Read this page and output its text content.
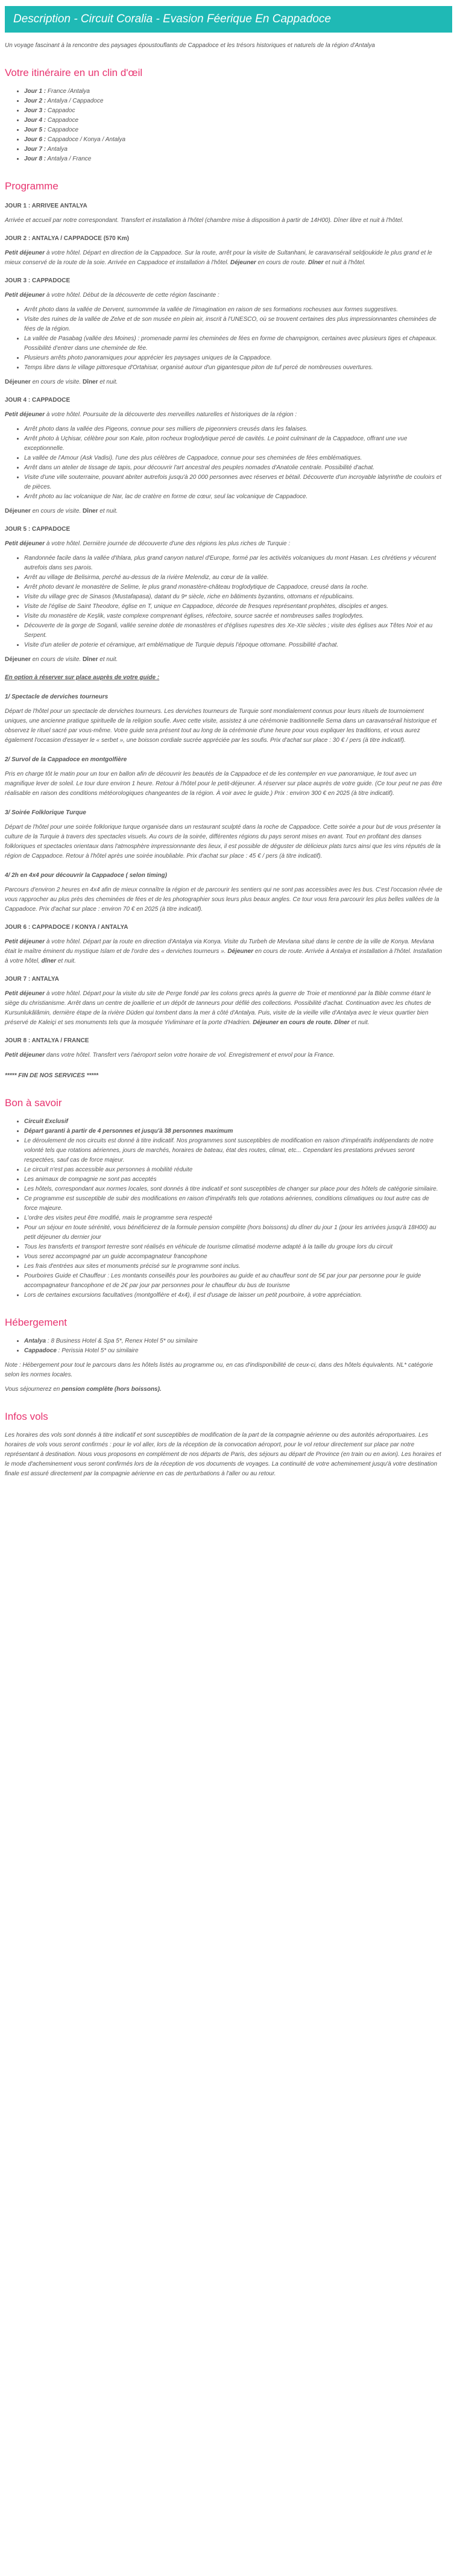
Description - Circuit Coralia - Evasion Féerique En Cappadoce

Un voyage fascinant à la rencontre des paysages époustouflants de Cappadoce et les trésors historiques et naturels de la région d'Antalya

Votre itinéraire en un clin d'œil
• Jour 1 : France /Antalya
• Jour 2 : Antalya / Cappadoce
• Jour 3 : Cappadoc
• Jour 4 : Cappadoce
• Jour 5 : Cappadoce
• Jour 6 : Cappadoce / Konya / Antalya
• Jour 7 : Antalya
• Jour 8 : Antalya / France
Programme

JOUR 1 : ARRIVEE ANTALYA

Arrivée et accueil par notre correspondant. Transfert et installation à l'hôtel (chambre mise à disposition à partir de 14H00). Dîner libre et nuit à l'hôtel.

JOUR 2 : ANTALYA / CAPPADOCE (570 Km)

Petit déjeuner à votre hôtel. Départ en direction de la Cappadoce. Sur la route, arrêt pour la visite de Sultanhani, le caravansérail seldjoukide le plus grand et le mieux conservé de la route de la soie. Arrivée en Cappadoce et installation à l'hôtel. Déjeuner en cours de route. Dîner et nuit à l'hôtel.

JOUR 3 : CAPPADOCE

Petit déjeuner à votre hôtel. Début de la découverte de cette région fascinante :

• Arrêt photo dans la vallée de Dervent, surnommée la vallée de l'imagination en raison de ses formations rocheuses aux formes suggestives.
• Visite des ruines de la vallée de Zelve et de son musée en plein air, inscrit à l'UNESCO, où se trouvent certaines des plus impressionnantes cheminées de fées de la région.
• La vallée de Pasabag (vallée des Moines) : promenade parmi les cheminées de fées en forme de champignon, certaines avec plusieurs tiges et chapeaux. Possibilité d'entrer dans une cheminée de fée.
• Plusieurs arrêts photo panoramiques pour apprécier les paysages uniques de la Cappadoce.
• Temps libre dans le village pittoresque d'Ortahisar, organisé autour d'un gigantesque piton de tuf percé de nombreuses ouvertures.

Déjeuner en cours de visite. Dîner et nuit.

JOUR 4 : CAPPADOCE

Petit déjeuner à votre hôtel. Poursuite de la découverte des merveilles naturelles et historiques de la région :

• Arrêt photo dans la vallée des Pigeons, connue pour ses milliers de pigeonniers creusés dans les falaises.
• Arrêt photo à Uçhisar, célèbre pour son Kale, piton rocheux troglodytique percé de cavités. Le point culminant de la Cappadoce, offrant une vue exceptionnelle.
• La vallée de l'Amour (Ask Vadisi). l'une des plus célèbres de Cappadoce, connue pour ses cheminées de fées emblématiques.
• Arrêt dans un atelier de tissage de tapis, pour découvrir l'art ancestral des peuples nomades d'Anatolie centrale. Possibilité d'achat.
• Visite d'une ville souterraine, pouvant abriter autrefois jusqu'à 20 000 personnes avec réserves et bétail. Découverte d'un incroyable labyrinthe de couloirs et de pièces.
• Arrêt photo au lac volcanique de Nar, lac de cratère en forme de cœur, seul lac volcanique de Cappadoce.

Déjeuner en cours de visite. Dîner et nuit.

JOUR 5 : CAPPADOCE

Petit déjeuner à votre hôtel. Dernière journée de découverte d'une des régions les plus riches de Turquie :

• Randonnée facile dans la vallée d'Ihlara, plus grand canyon naturel d'Europe, formé par les activités volcaniques du mont Hasan. Les chrétiens y vécurent autrefois dans ses parois.
• Arrêt au village de Belisirma, perché au-dessus de la rivière Melendiz, au cœur de la vallée.
• Arrêt photo devant le monastère de Selime, le plus grand monastère-château troglodytique de Cappadoce, creusé dans la roche.
• Visite du village grec de Sinasos (Mustafapasa), datant du 9ᵉ siècle, riche en bâtiments byzantins, ottomans et républicains.
• Visite de l'église de Saint Theodore, église en T, unique en Cappadoce, décorée de fresques représentant prophètes, disciples et anges.
• Visite du monastère de Keşlik, vaste complexe comprenant églises, réfectoire, source sacrée et nombreuses salles troglodytes.
• Découverte de la gorge de Soganli, vallée sereine dotée de monastères et d'églises rupestres des Xe-XIe siècles ; visite des églises aux Têtes Noir et au Serpent.
• Visite d'un atelier de poterie et céramique, art emblématique de Turquie depuis l'époque ottomane. Possibilité d'achat.

Déjeuner en cours de visite. Dîner et nuit.

En option à réserver sur place auprès de votre guide :

1/ Spectacle de derviches tourneurs

Départ de l'hôtel pour un spectacle de derviches tourneurs. Les derviches tourneurs de Turquie sont mondialement connus pour leurs rituels de tournoiement uniques, une ancienne pratique spirituelle de la religion soufie. Avec cette visite, assistez à une cérémonie traditionnelle Sema dans un caravansérail historique et observez le rituel sacré par vous-même. Votre guide sera présent tout au long de la cérémonie d'une heure pour vous expliquer les traditions, et vous aurez également l'occasion d'essayer le « serbet », une boisson cordiale sucrée appréciée par les soufis. Prix d'achat sur place : 30 € / pers (à titre indicatif).

2/ Survol de la Cappadoce en montgolfière

Pris en charge tôt le matin pour un tour en ballon afin de découvrir les beautés de la Cappadoce et de les contempler en vue panoramique, le tout avec un magnifique lever de soleil. Le tour dure environ 1 heure. Retour à l'hôtel pour le petit-déjeuner. À réserver sur place auprès de votre guide. (Ce tour peut ne pas être réalisable en raison des conditions météorologiques changeantes de la région. À voir avec le guide.) Prix : environ 300 € en 2025 (à titre indicatif).

3/ Soirée Folklorique Turque

Départ de l'hôtel pour une soirée folklorique turque organisée dans un restaurant sculpté dans la roche de Cappadoce. Cette soirée a pour but de vous présenter la culture de la Turquie à travers des spectacles visuels. Au cours de la soirée, différentes régions du pays seront mises en avant. Tout en profitant des danses folkloriques et spectacles orientaux dans l'atmosphère impressionnante des lieux, il est possible de déguster de délicieux plats turcs ainsi que les vins réputés de la région de Cappadoce. Retour à l'hôtel après une soirée inoubliable. Prix d'achat sur place : 45 € / pers (à titre indicatif).

4/ 2h en 4x4 pour découvrir la Cappadoce ( selon timing)

Parcours d'environ 2 heures en 4x4 afin de mieux connaître la région et de parcourir les sentiers qui ne sont pas accessibles avec les bus. C'est l'occasion rêvée de vous rapprocher au plus près des cheminées de fées et de les photographier sous leurs plus beaux angles. Ce tour vous fera parcourir les plus belles vallées de la Cappadoce. Prix d'achat sur place : environ 70 € en 2025 (à titre indicatif).

JOUR 6 : CAPPADOCE / KONYA / ANTALYA

Petit déjeuner à votre hôtel. Départ par la route en direction d'Antalya via Konya. Visite du Turbeh de Mevlana situé dans le centre de la ville de Konya. Mevlana était le maître éminent du mystique Islam et de l'ordre des « derviches tourneurs ». Déjeuner en cours de route. Arrivée à Antalya et installation à l'hôtel. Installation à votre hôtel, dîner et nuit.

JOUR 7 : ANTALYA

Petit déjeuner à votre hôtel. Départ pour la visite du site de Perge fondé par les colons grecs après la guerre de Troie et mentionné par la Bible comme étant le siège du christianisme. Arrêt dans un centre de joaillerie et un dépôt de tanneurs pour défilé des collections. Possibilité d'achat. Continuation avec les chutes de Kursunlukâlâmin, dernière étape de la rivière Düden qui tombent dans la mer à côté d'Antalya. Puis, visite de la vieille ville d'Antalya avec le vieux quartier bien préservé de Kaleiçi et ses monuments tels que la mosquée Yivliminare et la porte d'Hadrien. Déjeuner en cours de route. Dîner et nuit.

JOUR 8 : ANTALYA / FRANCE

Petit déjeuner dans votre hôtel. Transfert vers l'aéroport selon votre horaire de vol. Enregistrement et envol pour la France.

***** FIN DE NOS SERVICES *****

Bon à savoir
• Circuit Exclusif
• Départ garanti à partir de 4 personnes et jusqu'à 38 personnes maximum
• Le déroulement de nos circuits est donné à titre indicatif. Nos programmes sont susceptibles de modification en raison d'impératifs indépendants de notre volonté tels que rotations aériennes, jours de marchés, horaires de bateau, état des routes, climat, etc... Cependant les prestations prévues seront respectées, sauf cas de force majeur.
• Le circuit n'est pas accessible aux personnes à mobilité réduite
• Les animaux de compagnie ne sont pas acceptés
• Les hôtels, correspondant aux normes locales, sont donnés à titre indicatif et sont susceptibles de changer sur place pour des hôtels de catégorie similaire.
• Ce programme est susceptible de subir des modifications en raison d'impératifs tels que rotations aériennes, conditions climatiques ou tout autre cas de force majeure.
• L'ordre des visites peut être modifié, mais le programme sera respecté
• Pour un séjour en toute sérénité, vous bénéficierez de la formule pension complète (hors boissons) du dîner du jour 1 (pour les arrivées jusqu'à 18H00) au petit déjeuner du dernier jour
• Tous les transferts et transport terrestre sont réalisés en véhicule de tourisme climatisé moderne adapté à la taille du groupe lors du circuit
• Vous serez accompagné par un guide accompagnateur francophone
• Les frais d'entrées aux sites et monuments précisé sur le programme sont inclus.
• Pourboires Guide et Chauffeur : Les montants conseillés pour les pourboires au guide et au chauffeur sont de 5€ par jour par personne pour le guide accompagnateur francophone et de 2€ par jour par personnes pour le chauffeur du bus de tourisme
• Lors de certaines excursions facultatives (montgolfière et 4x4), il est d'usage de laisser un petit pourboire, à votre appréciation.
Hébergement
• Antalya : 8 Business Hotel & Spa 5*, Renex Hotel 5* ou similaire
• Cappadoce : Perissia Hotel 5* ou similaire

Note : Hébergement pour tout le parcours dans les hôtels listés au programme ou, en cas d'indisponibilité de ceux-ci, dans des hôtels équivalents. NL* catégorie selon les normes locales.

Vous séjournerez en pension complète (hors boissons).

Infos vols

Les horaires des vols sont donnés à titre indicatif et sont susceptibles de modification de la part de la compagnie aérienne ou des autorités aéroportuaires. Les horaires de vols vous seront confirmés : pour le vol aller, lors de la réception de la convocation aéroport, pour le vol retour directement sur place par notre représentant à destination. Nous vous proposons en complément de nos départs de Paris, des séjours au départ de Province (en train ou en avion). Les horaires et le mode d'acheminement vous seront confirmés lors de la réception de vos documents de voyages. La continuité de votre acheminement jusqu'à votre destination finale est assuré directement par la compagnie aérienne en cas de perturbations à l'aller ou au retour.
